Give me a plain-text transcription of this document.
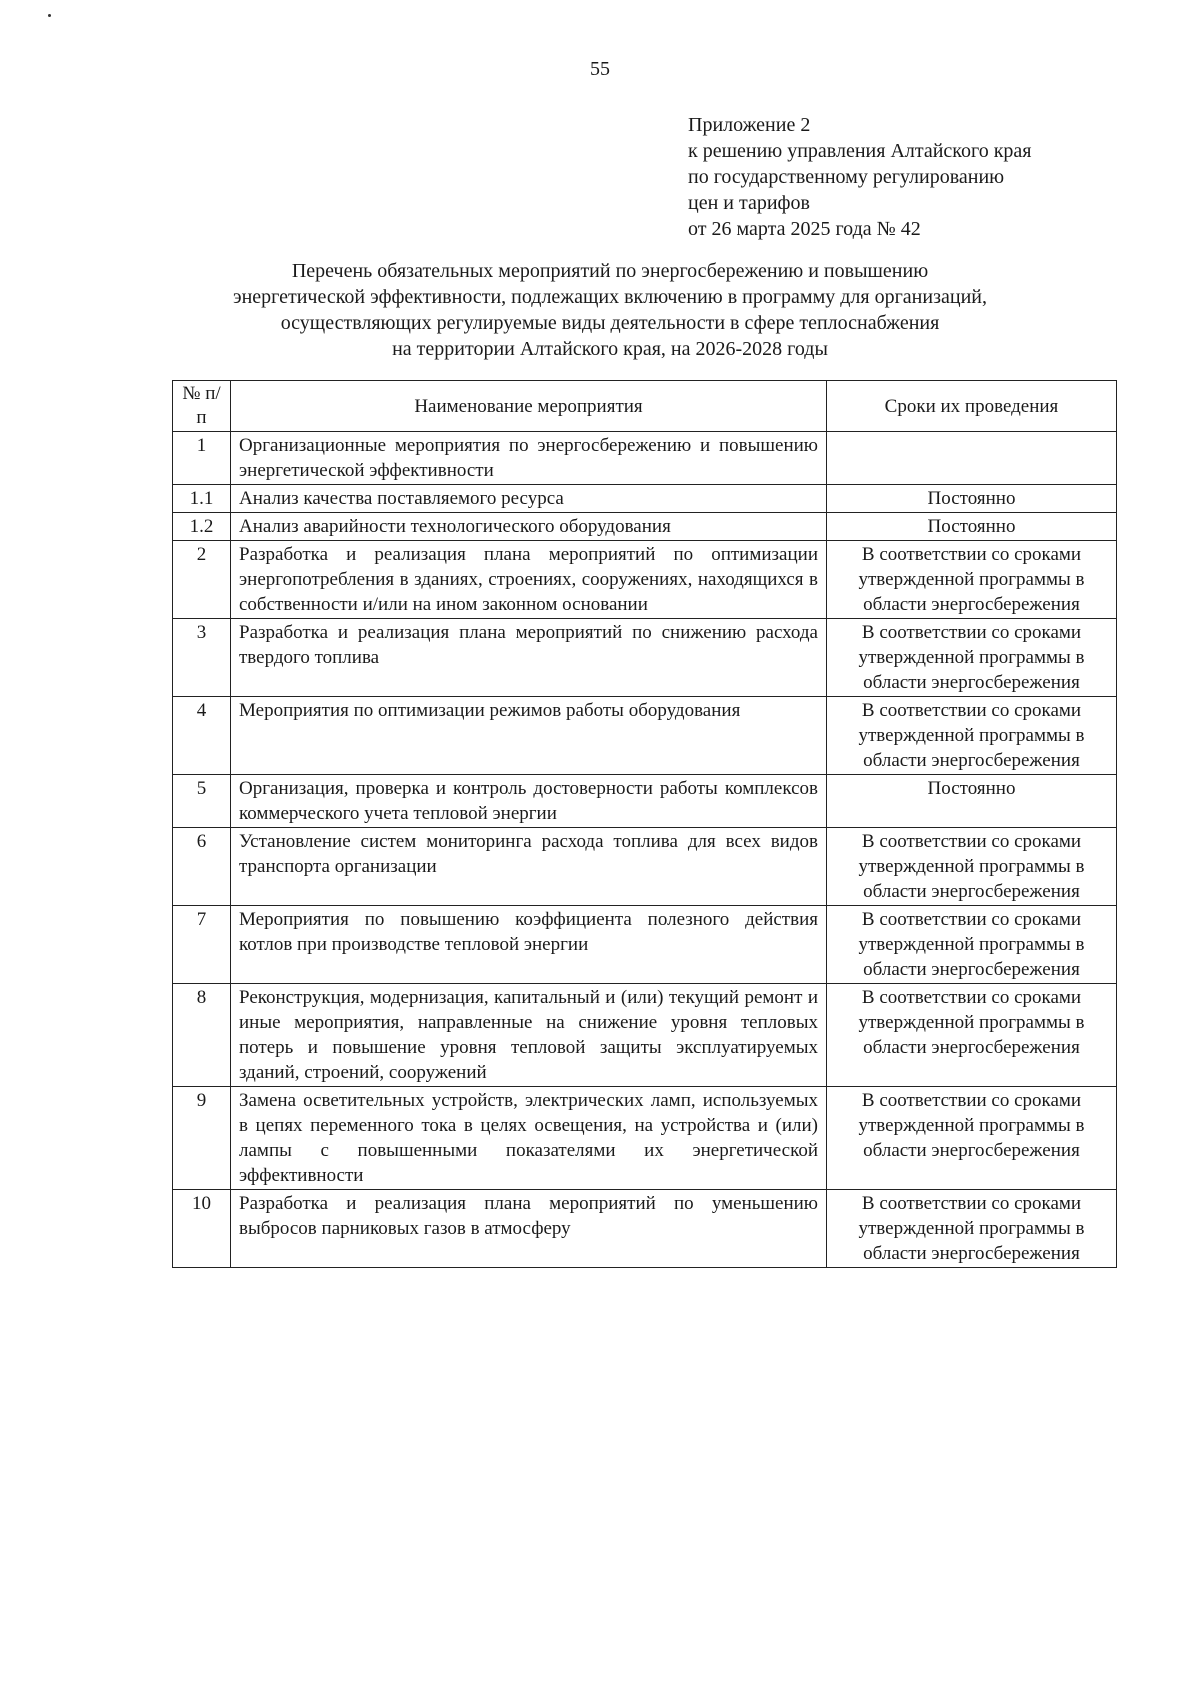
55
Приложение 2
к решению управления Алтайского края
по государственному регулированию
цен и тарифов
от 26 марта 2025 года № 42
Перечень обязательных мероприятий по энергосбережению и повышению
энергетической эффективности, подлежащих включению в программу для организаций,
осуществляющих регулируемые виды деятельности в сфере теплоснабжения
на территории Алтайского края, на 2026-2028 годы
№ п/п	Наименование мероприятия	Сроки их проведения
1	Организационные мероприятия по энергосбережению и повышению энергетической эффективности	
1.1	Анализ качества поставляемого ресурса	Постоянно
1.2	Анализ аварийности технологического оборудования	Постоянно
2	Разработка и реализация плана мероприятий по оптимизации энергопотребления в зданиях, строениях, сооружениях, находящихся в собственности и/или на ином законном основании	В соответствии со сроками утвержденной программы в области энергосбережения
3	Разработка и реализация плана мероприятий по снижению расхода твердого топлива	В соответствии со сроками утвержденной программы в области энергосбережения
4	Мероприятия по оптимизации режимов работы оборудования	В соответствии со сроками утвержденной программы в области энергосбережения
5	Организация, проверка и контроль достоверности работы комплексов коммерческого учета тепловой энергии	Постоянно
6	Установление систем мониторинга расхода топлива для всех видов транспорта организации	В соответствии со сроками утвержденной программы в области энергосбережения
7	Мероприятия по повышению коэффициента полезного действия котлов при производстве тепловой энергии	В соответствии со сроками утвержденной программы в области энергосбережения
8	Реконструкция, модернизация, капитальный и (или) текущий ремонт и иные мероприятия, направленные на снижение уровня тепловых потерь и повышение уровня тепловой защиты эксплуатируемых зданий, строений, сооружений	В соответствии со сроками утвержденной программы в области энергосбережения
9	Замена осветительных устройств, электрических ламп, используемых в цепях переменного тока в целях освещения, на устройства и (или) лампы с повышенными показателями их энергетической эффективности	В соответствии со сроками утвержденной программы в области энергосбережения
10	Разработка и реализация плана мероприятий по уменьшению выбросов парниковых газов в атмосферу	В соответствии со сроками утвержденной программы в области энергосбережения
